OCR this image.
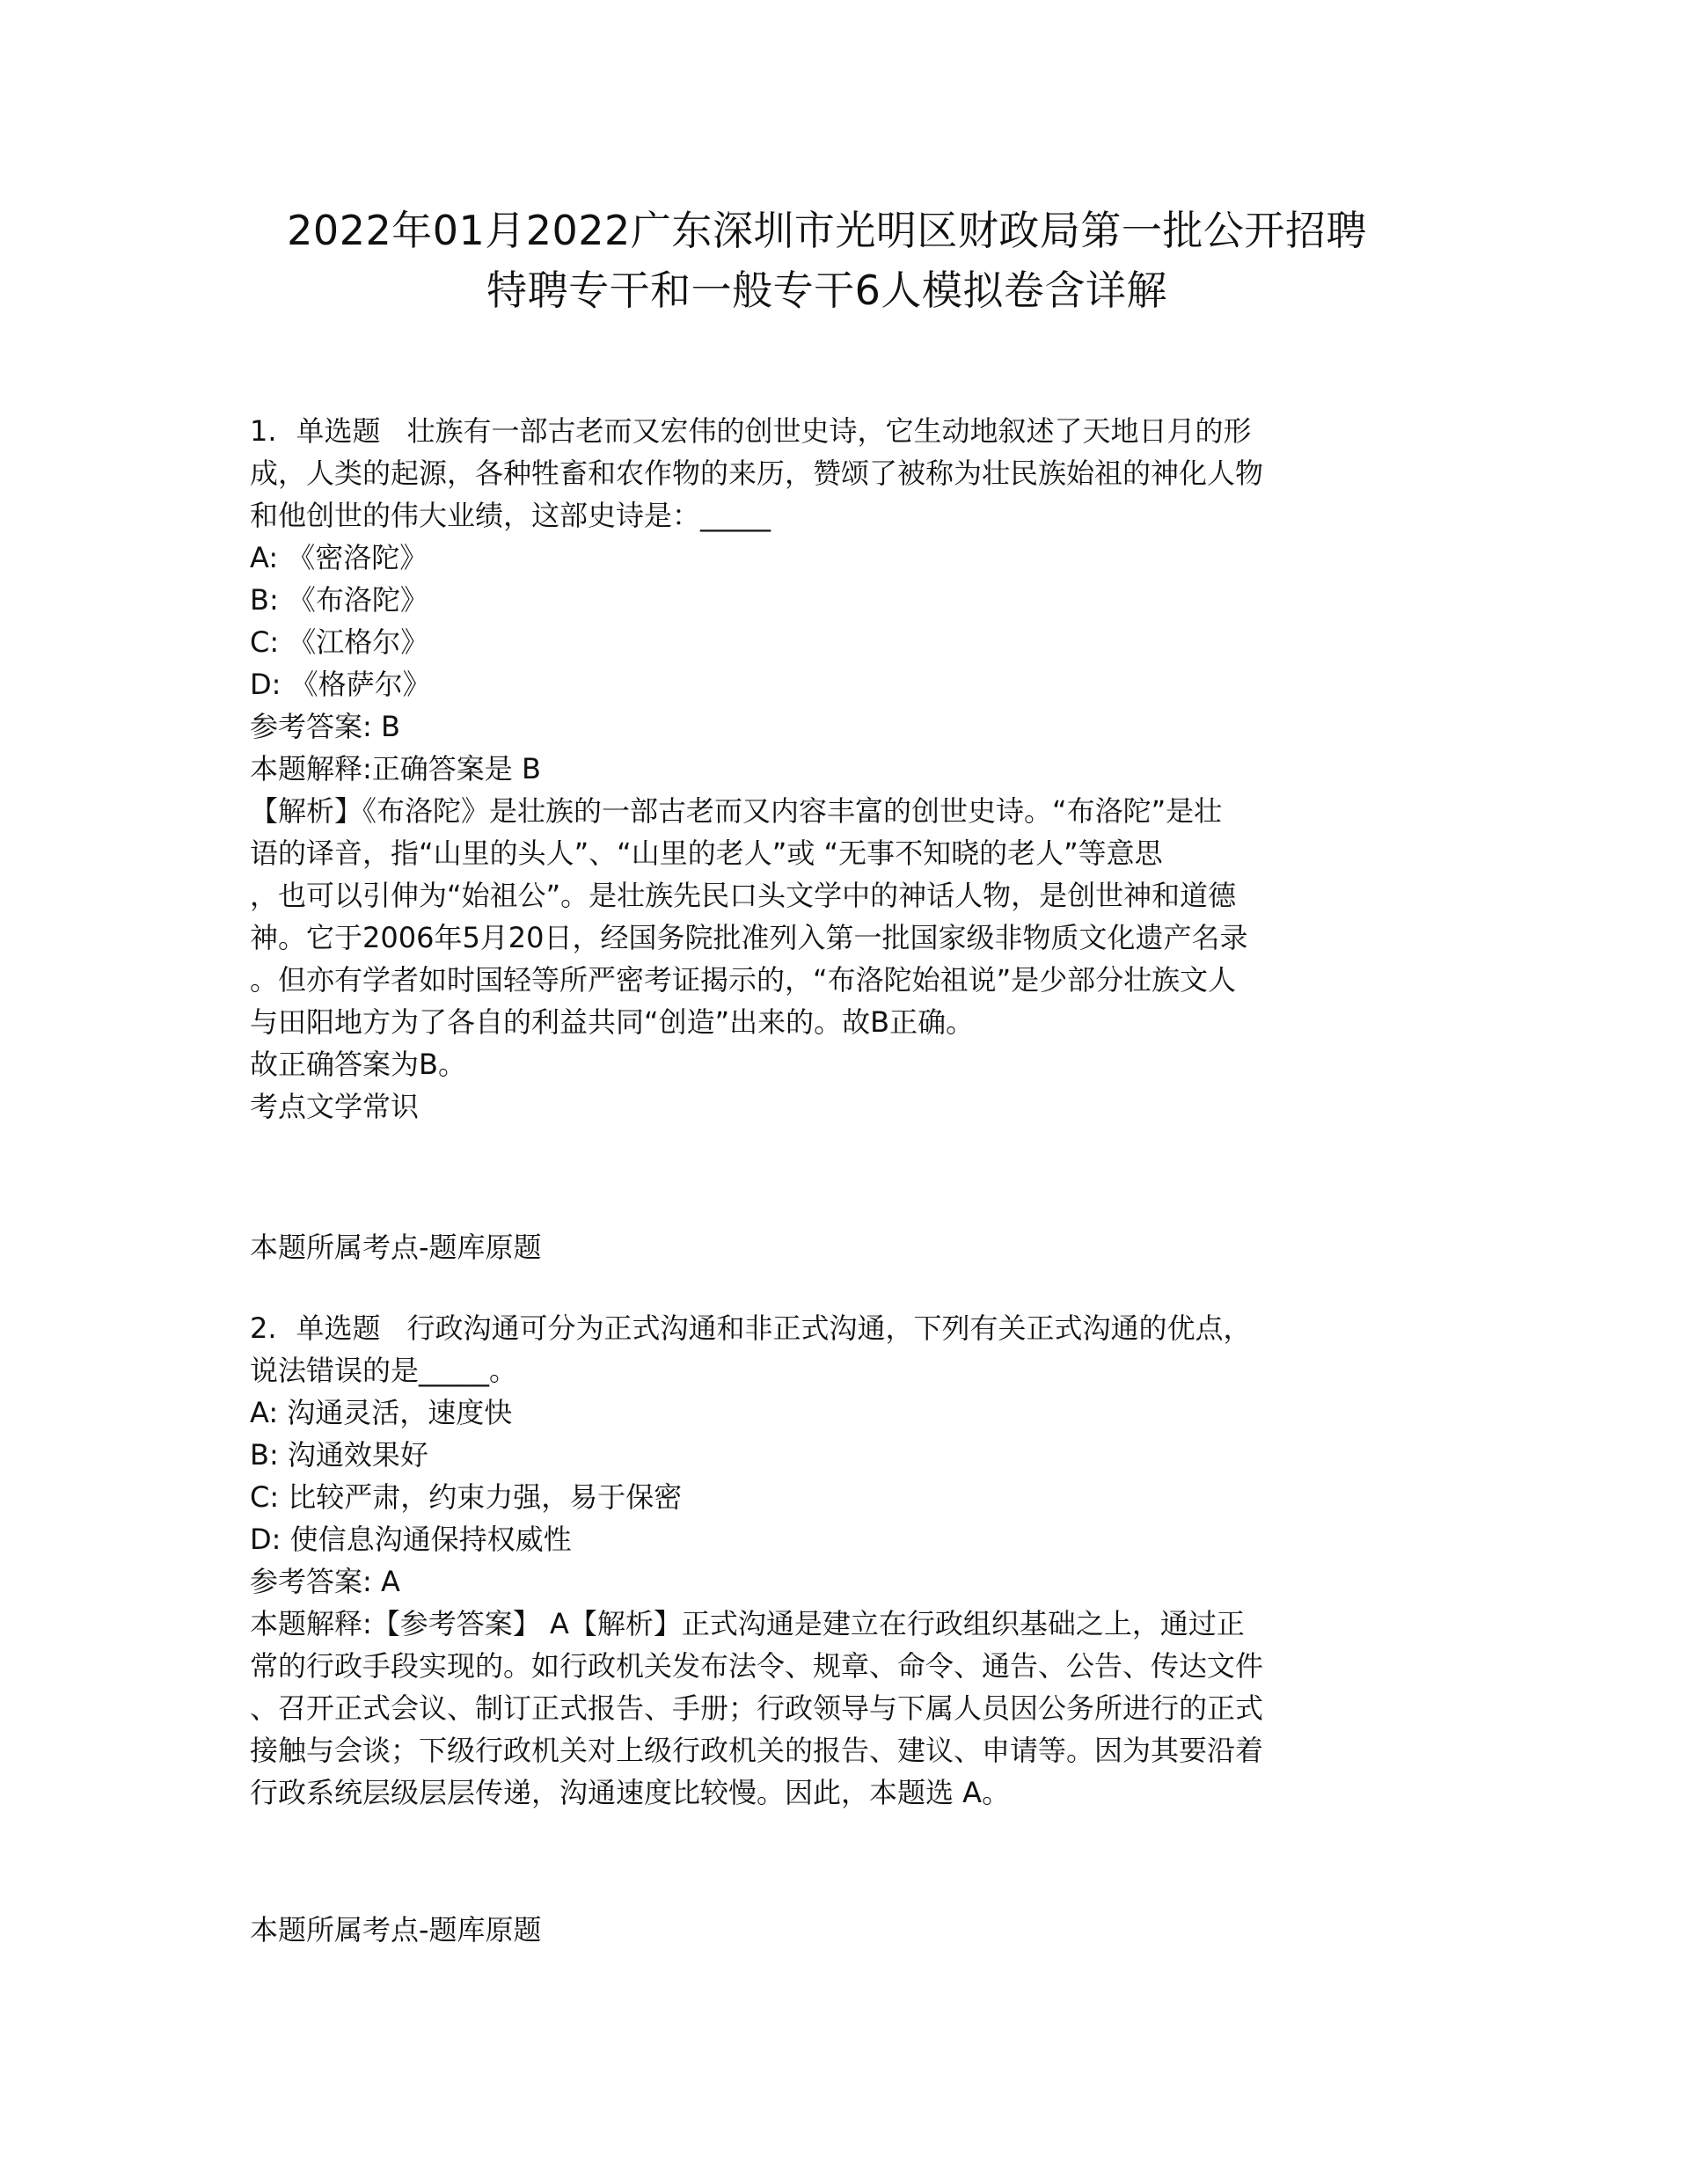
2022年01月2022广东深圳市光明区财政局第一批公开招聘
特聘专干和一般专干6人模拟卷含详解
1. 单选题 壮族有一部古老而又宏伟的创世史诗，它生动地叙述了天地日月的形
成，人类的起源，各种牲畜和农作物的来历，赞颂了被称为壮民族始祖的神化人物
和他创世的伟大业绩，这部史诗是：_____
A: 《密洛陀》
B: 《布洛陀》
C: 《江格尔》
D: 《格萨尔》
参考答案: B
本题解释:正确答案是 B
【解析】《布洛陀》是壮族的一部古老而又内容丰富的创世史诗。“布洛陀”是壮
语的译音，指“山里的头人”、“山里的老人”或 “无事不知晓的老人”等意思
，也可以引伸为“始祖公”。是壮族先民口头文学中的神话人物，是创世神和道德
神。它于2006年5月20日，经国务院批准列入第一批国家级非物质文化遗产名录
。但亦有学者如时国轻等所严密考证揭示的，“布洛陀始祖说”是少部分壮族文人
与田阳地方为了各自的利益共同“创造”出来的。故B正确。
故正确答案为B。
考点文学常识
本题所属考点-题库原题
2. 单选题 行政沟通可分为正式沟通和非正式沟通，下列有关正式沟通的优点，
说法错误的是_____。
A: 沟通灵活，速度快
B: 沟通效果好
C: 比较严肃，约束力强，易于保密
D: 使信息沟通保持权威性
参考答案: A
本题解释:【参考答案】 A【解析】正式沟通是建立在行政组织基础之上，通过正
常的行政手段实现的。如行政机关发布法令、规章、命令、通告、公告、传达文件
、召开正式会议、制订正式报告、手册；行政领导与下属人员因公务所进行的正式
接触与会谈；下级行政机关对上级行政机关的报告、建议、申请等。因为其要沿着
行政系统层级层层传递，沟通速度比较慢。因此，本题选 A。
本题所属考点-题库原题
